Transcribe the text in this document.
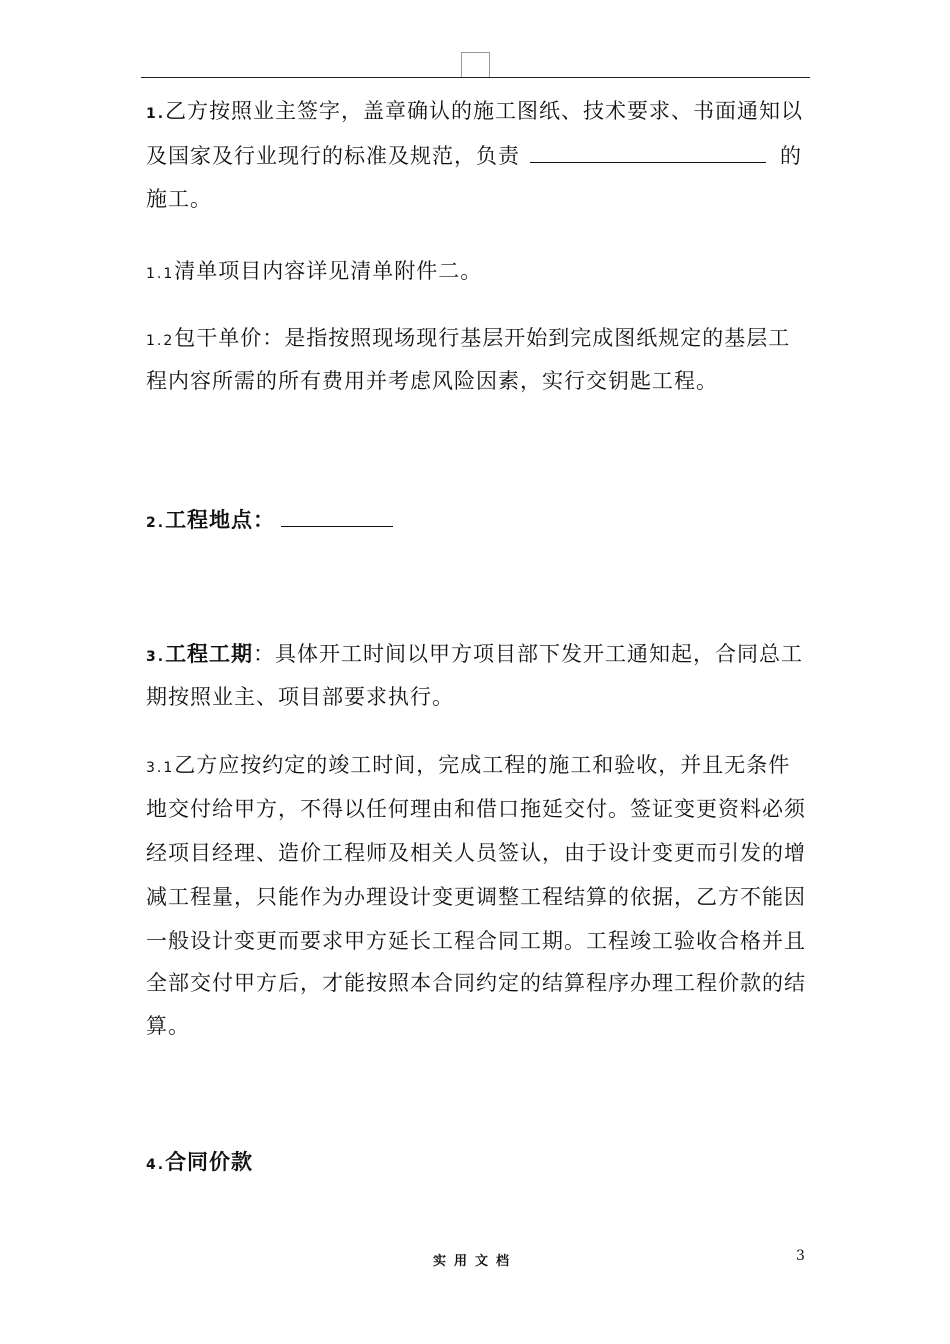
1.乙方按照业主签字，盖章确认的施工图纸、技术要求、书面通知以
及国家及行业现行的标准及规范，负责	的
施工。
1.1清单项目内容详见清单附件二。
1.2包干单价：是指按照现场现行基层开始到完成图纸规定的基层工
程内容所需的所有费用并考虑风险因素，实行交钥匙工程。
2.工程地点：
3.工程工期：具体开工时间以甲方项目部下发开工通知起，合同总工
期按照业主、项目部要求执行。
3.1乙方应按约定的竣工时间，完成工程的施工和验收，并且无条件
地交付给甲方，不得以任何理由和借口拖延交付。签证变更资料必须
经项目经理、造价工程师及相关人员签认，由于设计变更而引发的增
减工程量，只能作为办理设计变更调整工程结算的依据，乙方不能因
一般设计变更而要求甲方延长工程合同工期。工程竣工验收合格并且
全部交付甲方后，才能按照本合同约定的结算程序办理工程价款的结
算。
4.合同价款
实用文档	3
